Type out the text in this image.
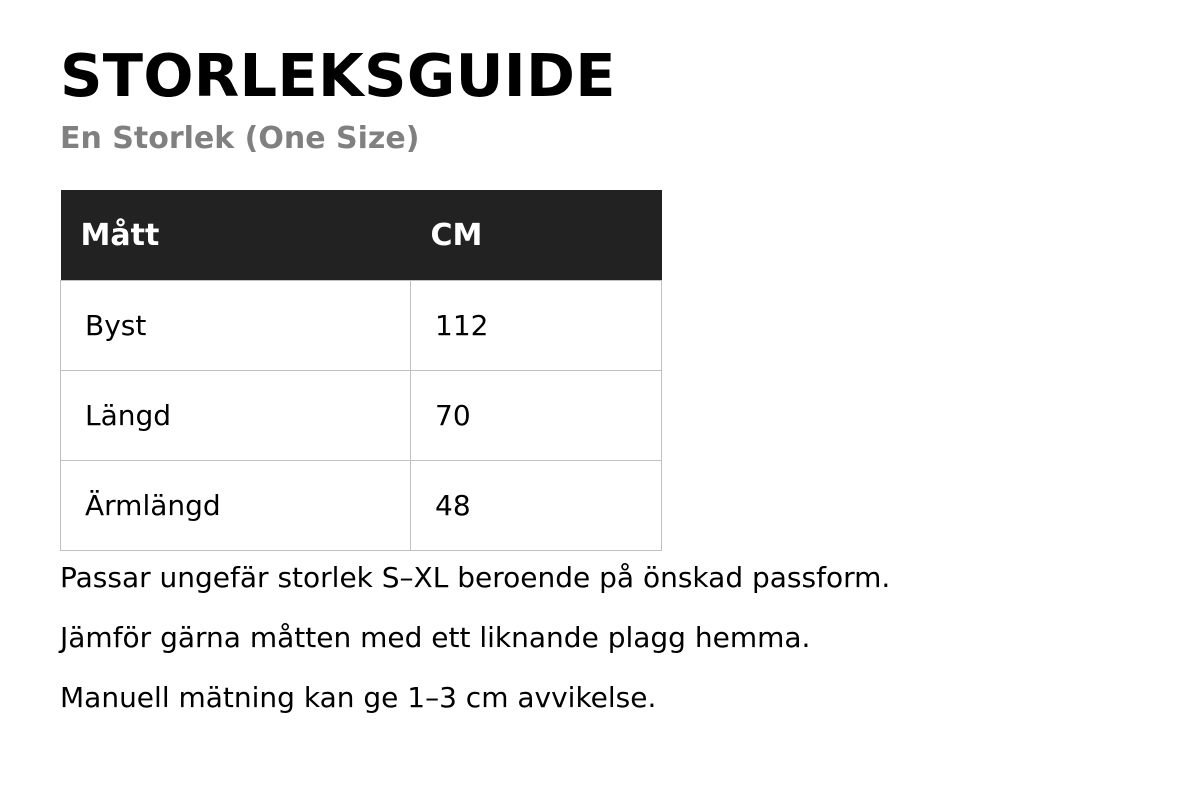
STORLEKSGUIDE
En Storlek (One Size)
Mått	CM
Byst	112
Längd	70
Ärmlängd	48

Passar ungefär storlek S–XL beroende på önskad passform.

Jämför gärna måtten med ett liknande plagg hemma.

Manuell mätning kan ge 1–3 cm avvikelse.
